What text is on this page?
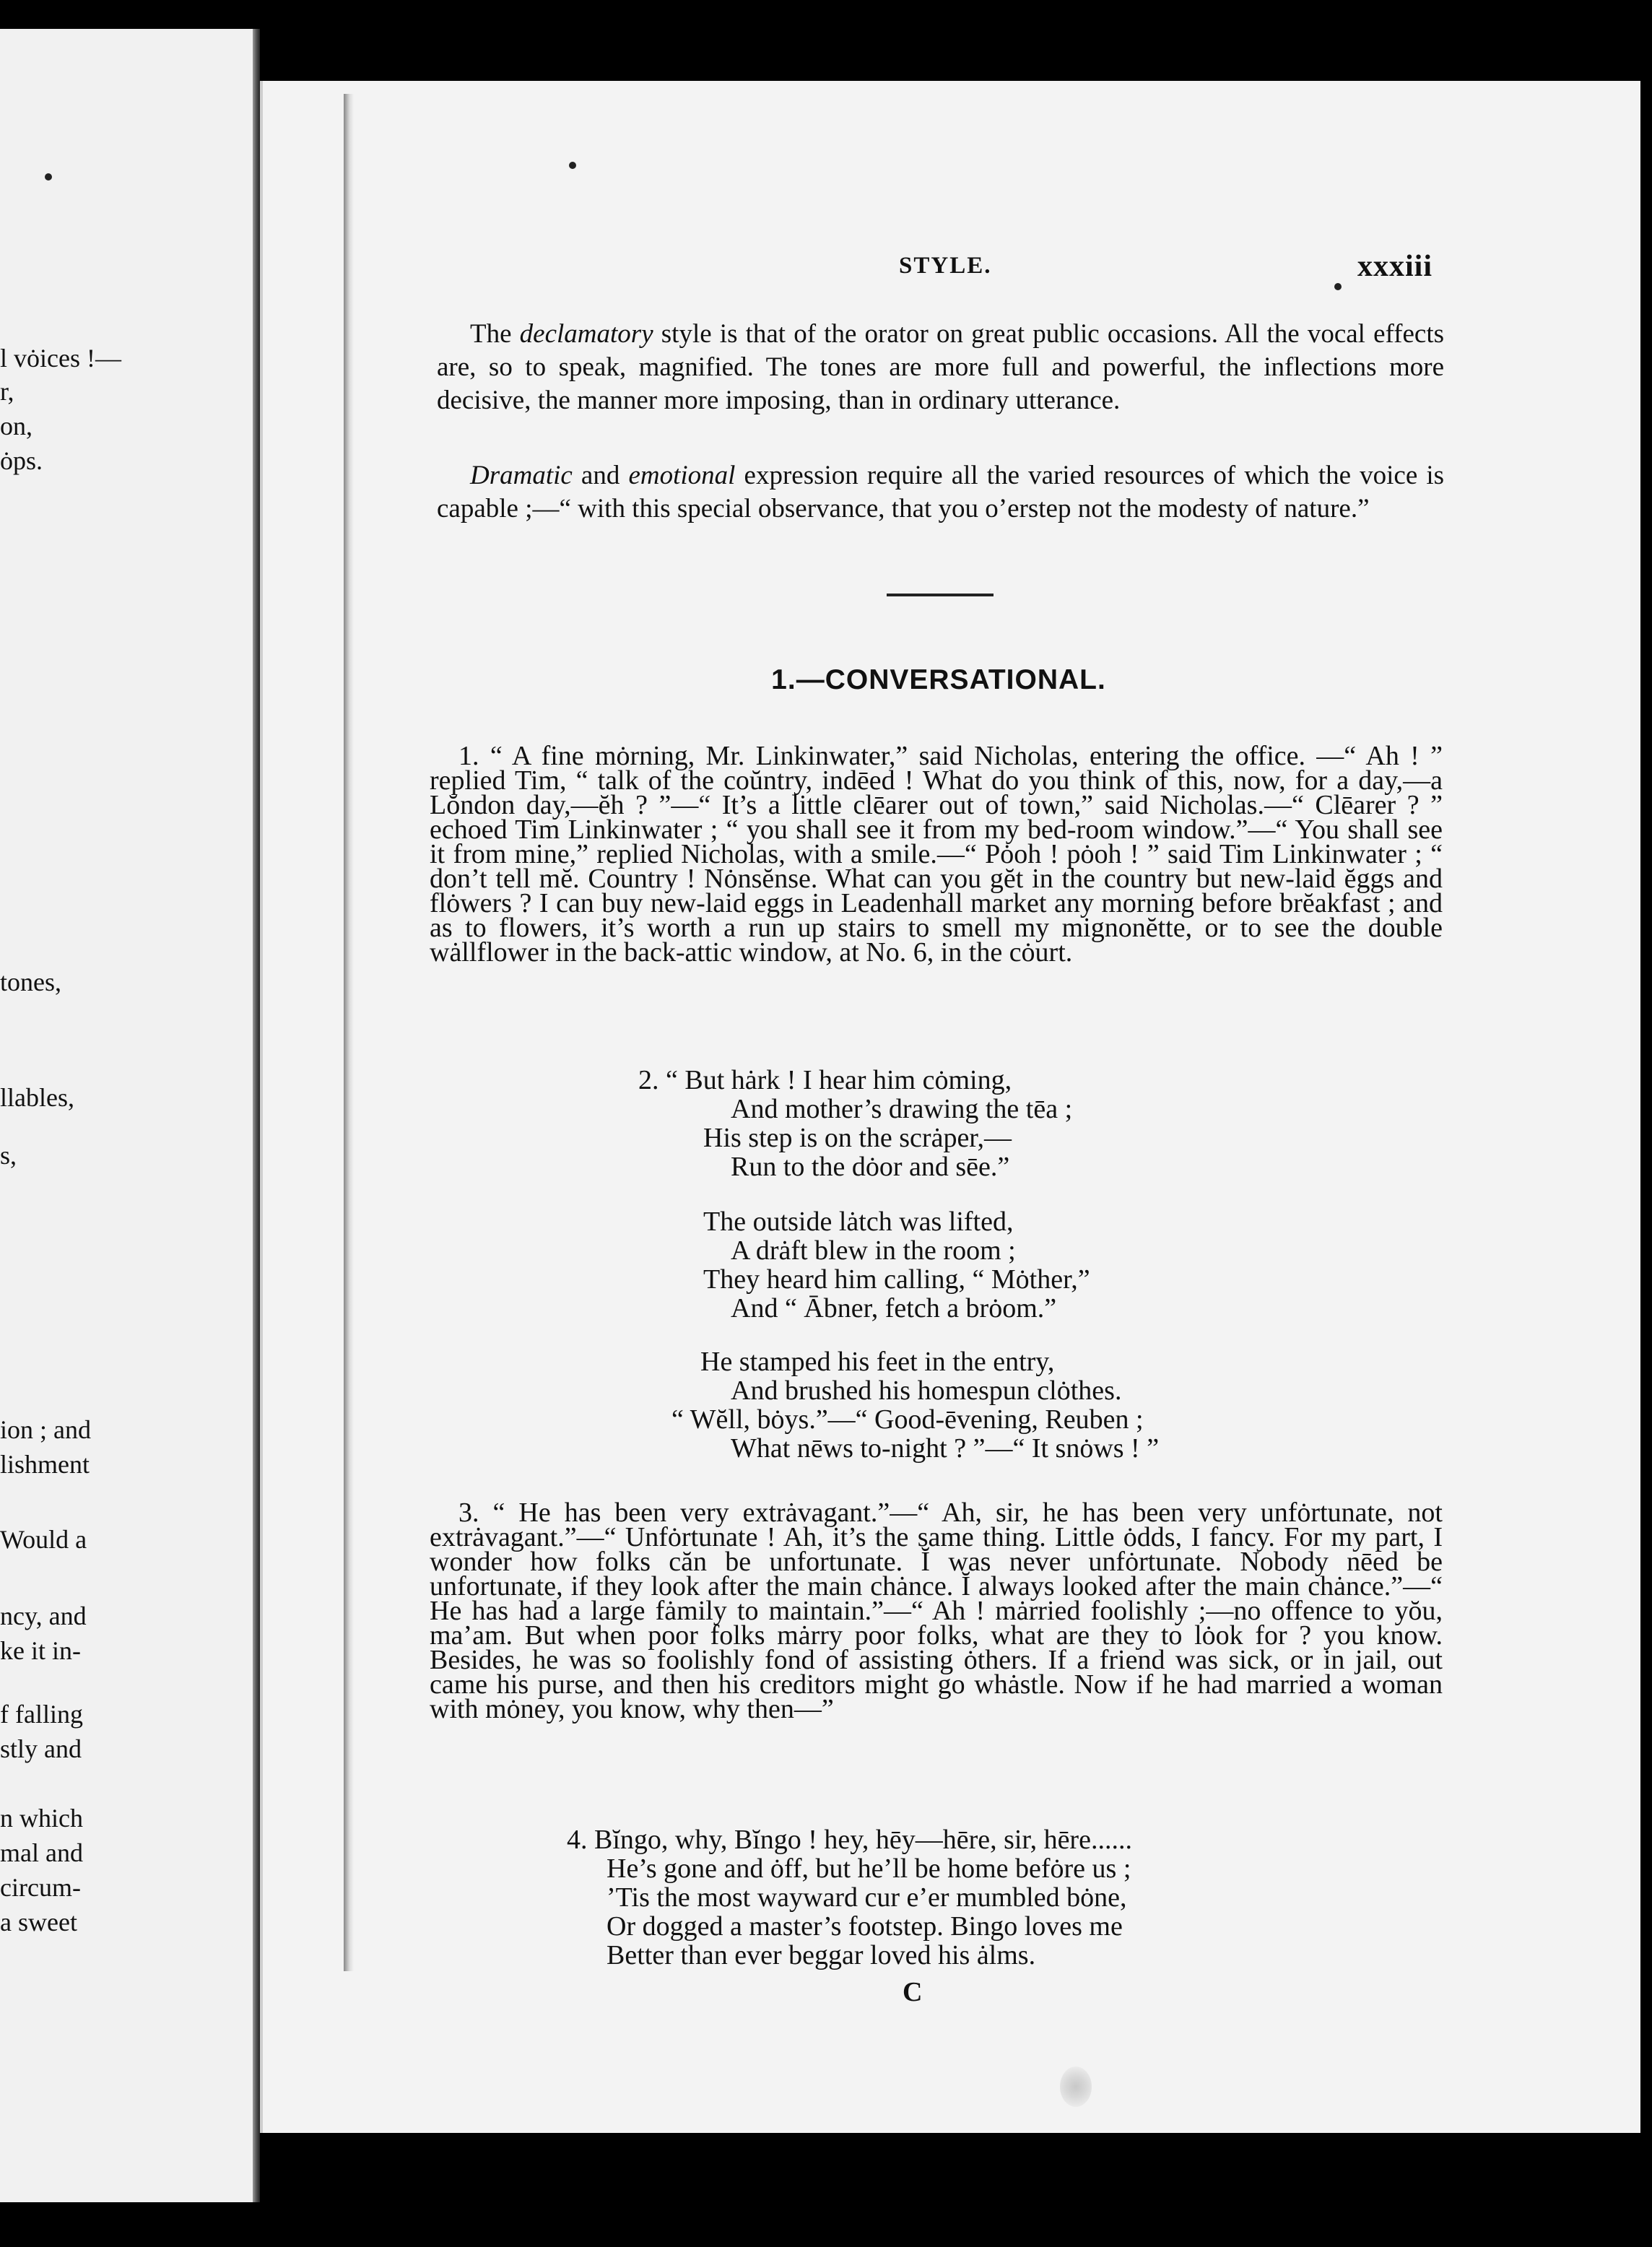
l vȯices !—
r,
on,
ȯps.
tones,
llables,
s,
ion ; and
lishment
Would a
ncy, and
ke it in-
f falling
stly and
n which
mal and
circum-
a sweet
STYLE.	xxxiii

The declamatory style is that of the orator on great public occasions. All the vocal effects are, so to speak, magnified. The tones are more full and powerful, the inflections more decisive, the manner more imposing, than in ordinary utterance.

Dramatic and emotional expression require all the varied resources of which the voice is capable ;—“ with this special observance, that you o’erstep not the modesty of nature.”

1.—CONVERSATIONAL.

1. “ A fine mȯrning, Mr. Linkinwater,” said Nicholas, entering the office. —“ Ah ! ” replied Tim, “ talk of the coŭntry, indēed ! What do you think of this, now, for a day,—a Lŏndon day,—ĕh ? ”—“ It’s a little clēarer out of town,” said Nicholas.—“ Clēarer ? ” echoed Tim Linkinwater ; “ you shall see it from my bed-room window.”—“ You shall see it from mine,” replied Nicholas, with a smile.—“ Pȯoh ! pȯoh ! ” said Tim Linkinwater ; “ don’t tell mĕ. Country ! Nȯnsĕnse. What can you gĕt in the country but new-laid ĕggs and flȯwers ? I can buy new-laid eggs in Leadenhall market any morning before brĕakfast ; and as to flowers, it’s worth a run up stairs to smell my mignonĕtte, or to see the double wȧllflower in the back-attic window, at No. 6, in the cȯurt.

2. “ But hȧrk ! I hear him cȯming,
And mother’s drawing the tēa ;
His step is on the scrȧper,—
Run to the dȯor and sēe.”
The outside lȧtch was lifted,
A drȧft blew in the room ;
They heard him calling, “ Mȯther,”
And “ Ābner, fetch a brȯom.”
He stamped his feet in the entry,
And brushed his homespun clȯthes.
“ Wĕll, bȯys.”—“ Good-ēvening, Reuben ;
What nēws to-night ? ”—“ It snȯws ! ”

3. “ He has been very extrȧvagant.”—“ Ah, sir, he has been very unfȯrtunate, not extrȧvagant.”—“ Unfȯrtunate ! Ah, it’s the same thing. Little ȯdds, I fancy. For my part, I wonder how folks căn be unfortunate. Ĭ was never unfȯrtunate. Nobody nēed be unfortunate, if they look after the main chȧnce. Ĭ always looked after the main chȧnce.”—“ He has had a large fȧmily to maintain.”—“ Ah ! mȧrried foolishly ;—no offence to yŏu, ma’am. But when poor folks mȧrry poor folks, what are they to lȯok for ? you know. Besides, he was so foolishly fond of assisting ȯthers. If a friend was sick, or in jail, out came his purse, and then his creditors might go whȧstle. Now if he had married a woman with mȯney, you know, why then—”

4. Bĭngo, why, Bĭngo ! hey, hēy—hēre, sir, hēre......
He’s gone and ȯff, but he’ll be home befȯre us ;
’Tis the most wayward cur e’er mumbled bȯne,
Or dogged a master’s footstep. Bingo loves me
Better than ever beggar loved his ȧlms.
C
